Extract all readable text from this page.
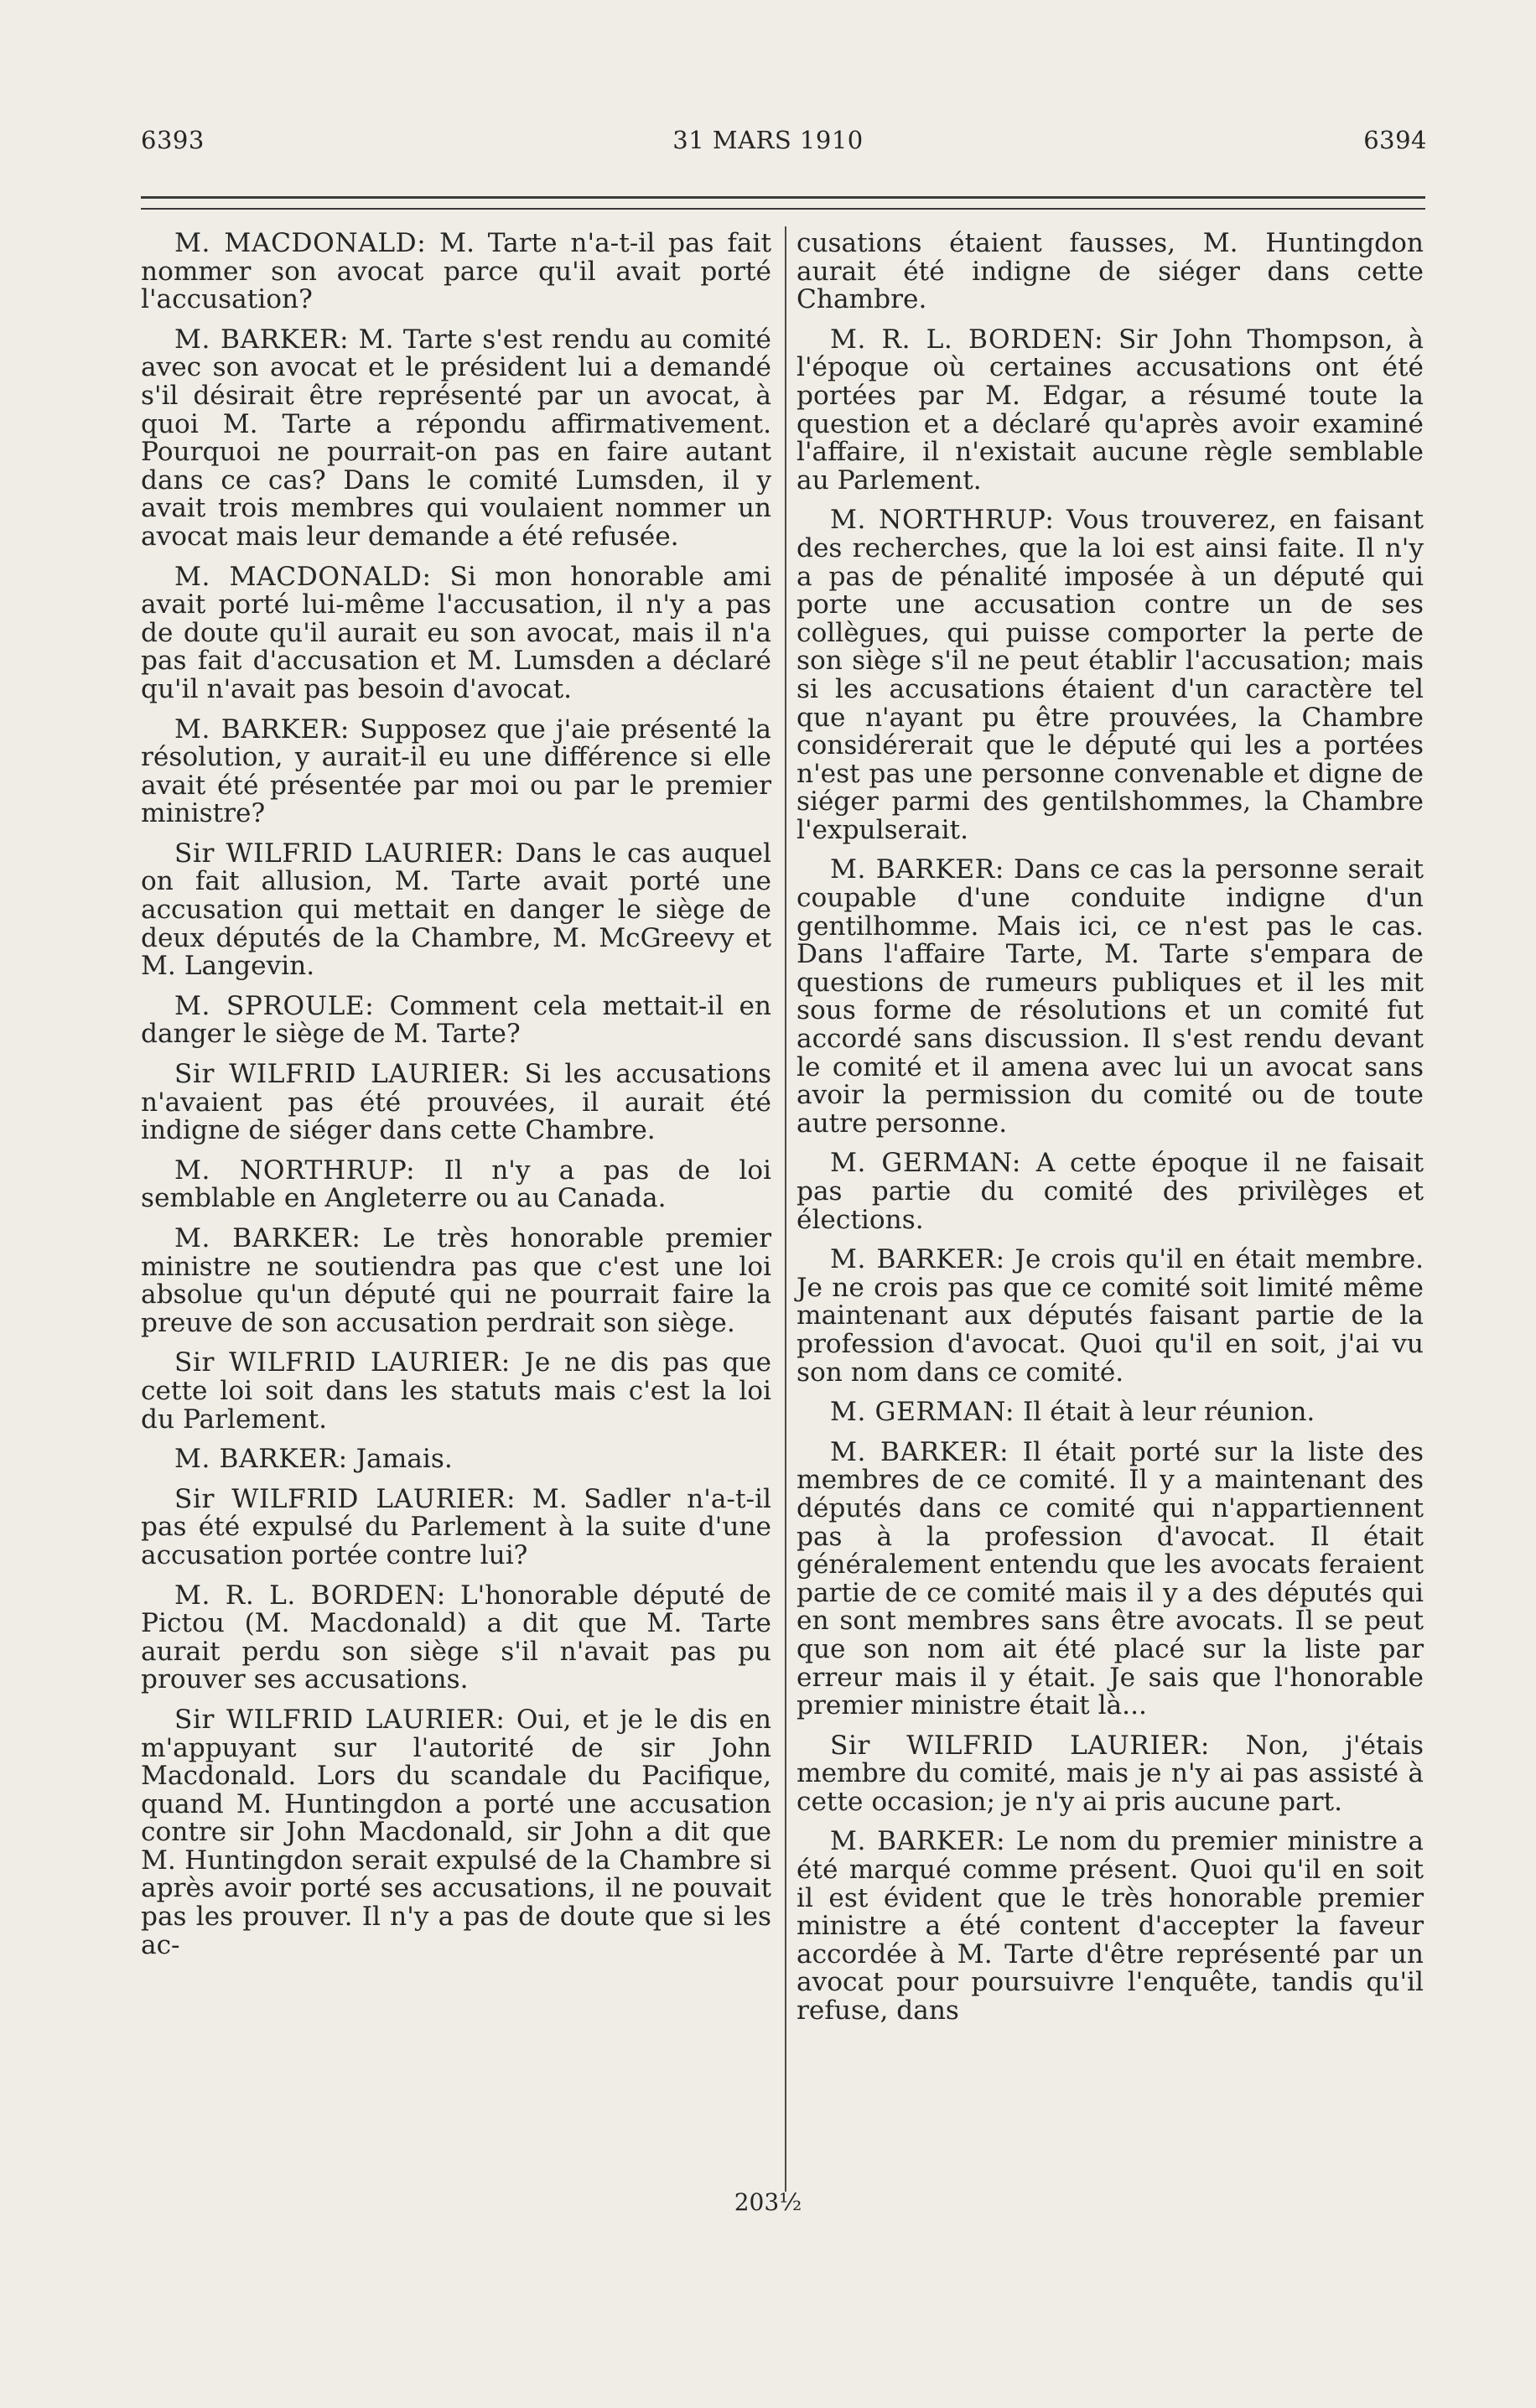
6393	31 MARS 1910	6394

M. MACDONALD: M. Tarte n'a-t-il pas fait nommer son avocat parce qu'il avait porté l'accusation?

M. BARKER: M. Tarte s'est rendu au comité avec son avocat et le président lui a demandé s'il désirait être représenté par un avocat, à quoi M. Tarte a répondu affirmativement. Pourquoi ne pourrait-on pas en faire autant dans ce cas? Dans le comité Lumsden, il y avait trois membres qui voulaient nommer un avocat mais leur demande a été refusée.

M. MACDONALD: Si mon honorable ami avait porté lui-même l'accusation, il n'y a pas de doute qu'il aurait eu son avocat, mais il n'a pas fait d'accusation et M. Lumsden a déclaré qu'il n'avait pas besoin d'avocat.

M. BARKER: Supposez que j'aie présenté la résolution, y aurait-il eu une différence si elle avait été présentée par moi ou par le premier ministre?

Sir WILFRID LAURIER: Dans le cas auquel on fait allusion, M. Tarte avait porté une accusation qui mettait en danger le siège de deux députés de la Chambre, M. McGreevy et M. Langevin.

M. SPROULE: Comment cela mettait-il en danger le siège de M. Tarte?

Sir WILFRID LAURIER: Si les accusations n'avaient pas été prouvées, il aurait été indigne de siéger dans cette Chambre.

M. NORTHRUP: Il n'y a pas de loi semblable en Angleterre ou au Canada.

M. BARKER: Le très honorable premier ministre ne soutiendra pas que c'est une loi absolue qu'un député qui ne pourrait faire la preuve de son accusation perdrait son siège.

Sir WILFRID LAURIER: Je ne dis pas que cette loi soit dans les statuts mais c'est la loi du Parlement.

M. BARKER: Jamais.

Sir WILFRID LAURIER: M. Sadler n'a-t-il pas été expulsé du Parlement à la suite d'une accusation portée contre lui?

M. R. L. BORDEN: L'honorable député de Pictou (M. Macdonald) a dit que M. Tarte aurait perdu son siège s'il n'avait pas pu prouver ses accusations.

Sir WILFRID LAURIER: Oui, et je le dis en m'appuyant sur l'autorité de sir John Macdonald. Lors du scandale du Pacifique, quand M. Huntingdon a porté une accusation contre sir John Macdonald, sir John a dit que M. Huntingdon serait expulsé de la Chambre si après avoir porté ses accusations, il ne pouvait pas les prouver. Il n'y a pas de doute que si les ac-

cusations étaient fausses, M. Huntingdon aurait été indigne de siéger dans cette Chambre.

M. R. L. BORDEN: Sir John Thompson, à l'époque où certaines accusations ont été portées par M. Edgar, a résumé toute la question et a déclaré qu'après avoir examiné l'affaire, il n'existait aucune règle semblable au Parlement.

M. NORTHRUP: Vous trouverez, en faisant des recherches, que la loi est ainsi faite. Il n'y a pas de pénalité imposée à un député qui porte une accusation contre un de ses collègues, qui puisse comporter la perte de son siège s'il ne peut établir l'accusation; mais si les accusations étaient d'un caractère tel que n'ayant pu être prouvées, la Chambre considérerait que le député qui les a portées n'est pas une personne convenable et digne de siéger parmi des gentilshommes, la Chambre l'expulserait.

M. BARKER: Dans ce cas la personne serait coupable d'une conduite indigne d'un gentilhomme. Mais ici, ce n'est pas le cas. Dans l'affaire Tarte, M. Tarte s'empara de questions de rumeurs publiques et il les mit sous forme de résolutions et un comité fut accordé sans discussion. Il s'est rendu devant le comité et il amena avec lui un avocat sans avoir la permission du comité ou de toute autre personne.

M. GERMAN: A cette époque il ne faisait pas partie du comité des privilèges et élections.

M. BARKER: Je crois qu'il en était membre. Je ne crois pas que ce comité soit limité même maintenant aux députés faisant partie de la profession d'avocat. Quoi qu'il en soit, j'ai vu son nom dans ce comité.

M. GERMAN: Il était à leur réunion.

M. BARKER: Il était porté sur la liste des membres de ce comité. Il y a maintenant des députés dans ce comité qui n'appartiennent pas à la profession d'avocat. Il était généralement entendu que les avocats feraient partie de ce comité mais il y a des députés qui en sont membres sans être avocats. Il se peut que son nom ait été placé sur la liste par erreur mais il y était. Je sais que l'honorable premier ministre était là...

Sir WILFRID LAURIER: Non, j'étais membre du comité, mais je n'y ai pas assisté à cette occasion; je n'y ai pris aucune part.

M. BARKER: Le nom du premier ministre a été marqué comme présent. Quoi qu'il en soit il est évident que le très honorable premier ministre a été content d'accepter la faveur accordée à M. Tarte d'être représenté par un avocat pour poursuivre l'enquête, tandis qu'il refuse, dans

203½
